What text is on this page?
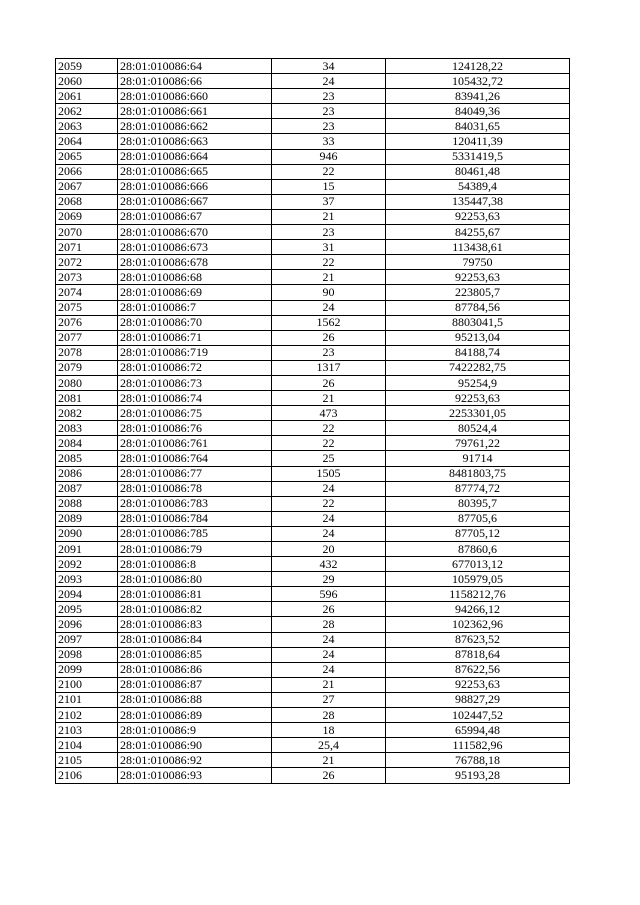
2059	28:01:010086:64	34	124128,22
2060	28:01:010086:66	24	105432,72
2061	28:01:010086:660	23	83941,26
2062	28:01:010086:661	23	84049,36
2063	28:01:010086:662	23	84031,65
2064	28:01:010086:663	33	120411,39
2065	28:01:010086:664	946	5331419,5
2066	28:01:010086:665	22	80461,48
2067	28:01:010086:666	15	54389,4
2068	28:01:010086:667	37	135447,38
2069	28:01:010086:67	21	92253,63
2070	28:01:010086:670	23	84255,67
2071	28:01:010086:673	31	113438,61
2072	28:01:010086:678	22	79750
2073	28:01:010086:68	21	92253,63
2074	28:01:010086:69	90	223805,7
2075	28:01:010086:7	24	87784,56
2076	28:01:010086:70	1562	8803041,5
2077	28:01:010086:71	26	95213,04
2078	28:01:010086:719	23	84188,74
2079	28:01:010086:72	1317	7422282,75
2080	28:01:010086:73	26	95254,9
2081	28:01:010086:74	21	92253,63
2082	28:01:010086:75	473	2253301,05
2083	28:01:010086:76	22	80524,4
2084	28:01:010086:761	22	79761,22
2085	28:01:010086:764	25	91714
2086	28:01:010086:77	1505	8481803,75
2087	28:01:010086:78	24	87774,72
2088	28:01:010086:783	22	80395,7
2089	28:01:010086:784	24	87705,6
2090	28:01:010086:785	24	87705,12
2091	28:01:010086:79	20	87860,6
2092	28:01:010086:8	432	677013,12
2093	28:01:010086:80	29	105979,05
2094	28:01:010086:81	596	1158212,76
2095	28:01:010086:82	26	94266,12
2096	28:01:010086:83	28	102362,96
2097	28:01:010086:84	24	87623,52
2098	28:01:010086:85	24	87818,64
2099	28:01:010086:86	24	87622,56
2100	28:01:010086:87	21	92253,63
2101	28:01:010086:88	27	98827,29
2102	28:01:010086:89	28	102447,52
2103	28:01:010086:9	18	65994,48
2104	28:01:010086:90	25,4	111582,96
2105	28:01:010086:92	21	76788,18
2106	28:01:010086:93	26	95193,28
